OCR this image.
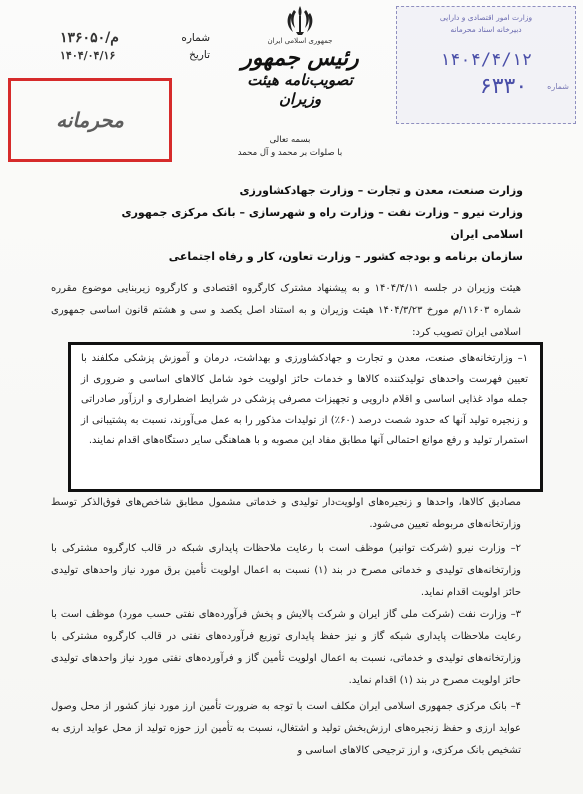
شماره
۱۳۶۰۵۰/م
تاریخ
۱۴۰۴/۰۴/۱۶
محرمانه
جمهوری اسلامی ایران
رئیس جمهور
تصویب‌نامه هیئت وزیران
بسمه تعالی
با صلوات بر محمد و آل محمد
وزارت امور اقتصادی و دارایی
دبیرخانه اسناد محرمانه
۱۴۰۴/۴/۱۲
شماره
۶۳۳۰
وزارت صنعت، معدن و تجارت – وزارت جهادکشاورزی
وزارت نیرو – وزارت نفت – وزارت راه و شهرسازی – بانک مرکزی جمهوری اسلامی ایران
سازمان برنامه و بودجه کشور – وزارت تعاون، کار و رفاه اجتماعی
هیئت وزیران در جلسه ۱۴۰۴/۴/۱۱ و به پیشنهاد مشترک کارگروه اقتصادی و کارگروه زیربنایی موضوع مقرره شماره ۱۱۶۰۳/م مورخ ۱۴۰۴/۳/۲۳ هیئت وزیران و به استناد اصل یکصد و سی و هشتم قانون اساسی جمهوری اسلامی ایران تصویب کرد:
۱– وزارتخانه‌های صنعت، معدن و تجارت و جهادکشاورزی و بهداشت، درمان و آموزش پزشکی مکلفند با تعیین فهرست واحدهای تولیدکننده کالاها و خدمات حائز اولویت خود شامل کالاهای اساسی و ضروری از جمله مواد غذایی اساسی و اقلام دارویی و تجهیزات مصرفی پزشکی در شرایط اضطراری و ارزآور صادراتی و زنجیره تولید آنها که حدود شصت درصد (۶۰٪) از تولیدات مذکور را به عمل می‌آورند، نسبت به پشتیبانی از استمرار تولید و رفع موانع احتمالی آنها مطابق مفاد این مصوبه و با هماهنگی سایر دستگاه‌های اقدام نمایند.
مصادیق کالاها، واحدها و زنجیره‌های اولویت‌دار تولیدی و خدماتی مشمول مطابق شاخص‌های فوق‌الذکر توسط وزارتخانه‌های مربوطه تعیین می‌شود.
۲– وزارت نیرو (شرکت توانیر) موظف است با رعایت ملاحظات پایداری شبکه در قالب کارگروه مشترکی با وزارتخانه‌های تولیدی و خدماتی مصرح در بند (۱) نسبت به اعمال اولویت تأمین برق مورد نیاز واحدهای تولیدی حائز اولویت اقدام نماید.
۳– وزارت نفت (شرکت ملی گاز ایران و شرکت پالایش و پخش فرآورده‌های نفتی حسب مورد) موظف است با رعایت ملاحظات پایداری شبکه گاز و نیز حفظ پایداری توزیع فرآورده‌های نفتی در قالب کارگروه مشترکی با وزارتخانه‌های تولیدی و خدماتی، نسبت به اعمال اولویت تأمین گاز و فرآورده‌های نفتی مورد نیاز واحدهای تولیدی حائز اولویت مصرح در بند (۱) اقدام نماید.
۴– بانک مرکزی جمهوری اسلامی ایران مکلف است با توجه به ضرورت تأمین ارز مورد نیاز کشور از محل وصول عواید ارزی و حفظ زنجیره‌های ارزش‌بخش تولید و اشتغال، نسبت به تأمین ارز حوزه تولید از محل عواید ارزی به تشخیص بانک مرکزی، و ارز ترجیحی کالاهای اساسی و
